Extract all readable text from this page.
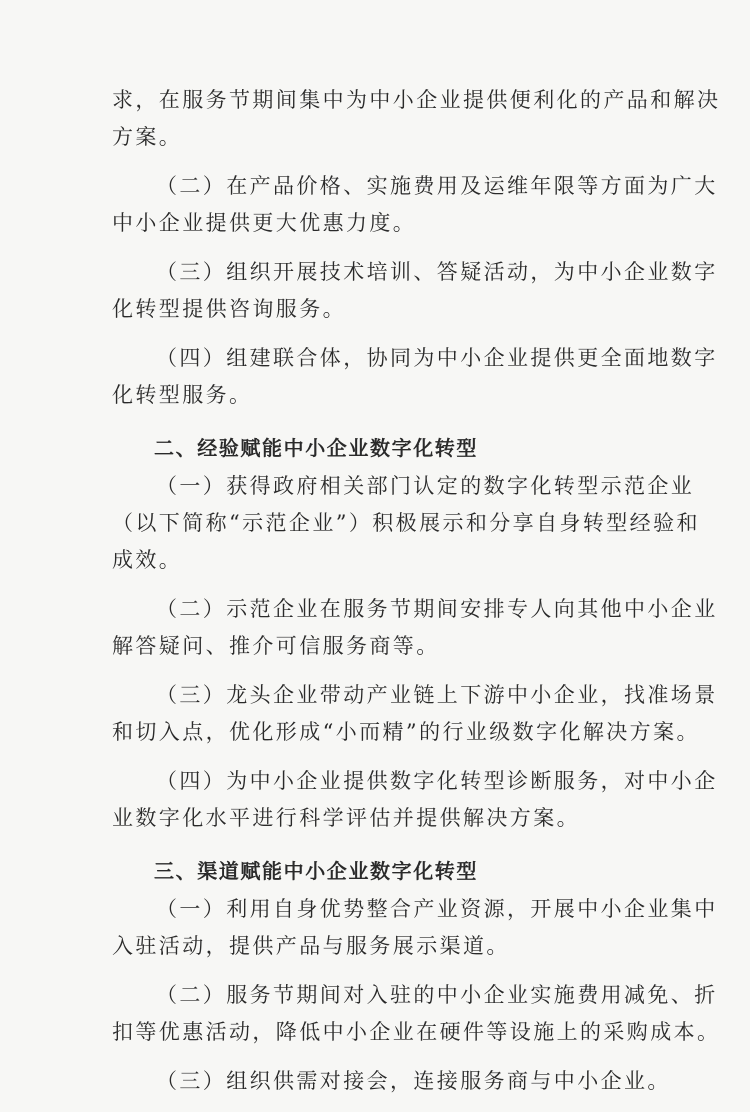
求，在服务节期间集中为中小企业提供便利化的产品和解决
方案。
（二）在产品价格、实施费用及运维年限等方面为广大
中小企业提供更大优惠力度。
（三）组织开展技术培训、答疑活动，为中小企业数字
化转型提供咨询服务。
（四）组建联合体，协同为中小企业提供更全面地数字
化转型服务。
二、经验赋能中小企业数字化转型
（一）获得政府相关部门认定的数字化转型示范企业
（以下简称“示范企业”）积极展示和分享自身转型经验和
成效。
（二）示范企业在服务节期间安排专人向其他中小企业
解答疑问、推介可信服务商等。
（三）龙头企业带动产业链上下游中小企业，找准场景
和切入点，优化形成“小而精”的行业级数字化解决方案。
（四）为中小企业提供数字化转型诊断服务，对中小企
业数字化水平进行科学评估并提供解决方案。
三、渠道赋能中小企业数字化转型
（一）利用自身优势整合产业资源，开展中小企业集中
入驻活动，提供产品与服务展示渠道。
（二）服务节期间对入驻的中小企业实施费用减免、折
扣等优惠活动，降低中小企业在硬件等设施上的采购成本。
（三）组织供需对接会，连接服务商与中小企业。
